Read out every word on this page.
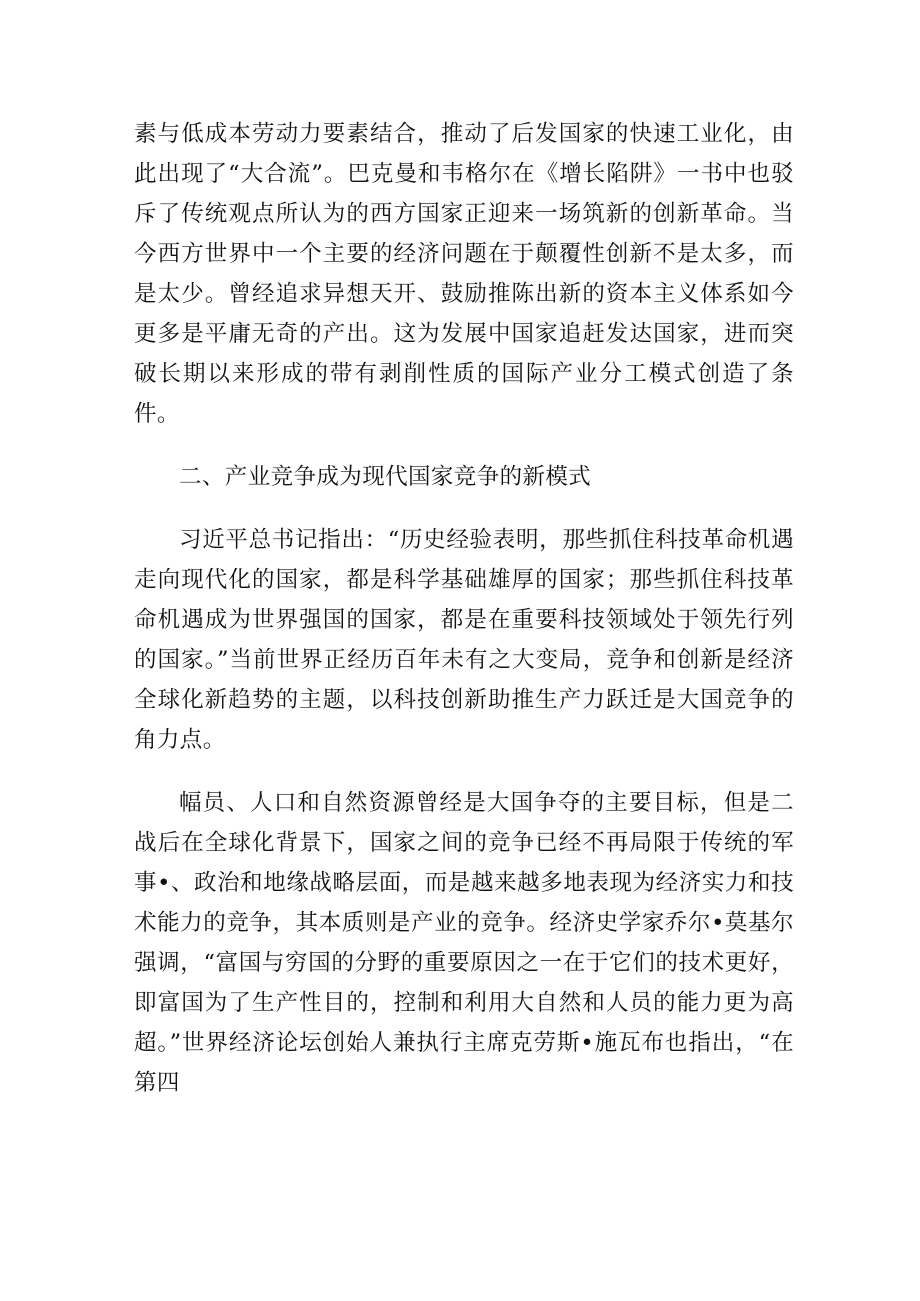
素与低成本劳动力要素结合，推动了后发国家的快速工业化，由此出现了“大合流”。巴克曼和韦格尔在《增长陷阱》一书中也驳斥了传统观点所认为的西方国家正迎来一场筑新的创新革命。当今西方世界中一个主要的经济问题在于颠覆性创新不是太多，而是太少。曾经追求异想天开、鼓励推陈出新的资本主义体系如今更多是平庸无奇的产出。这为发展中国家追赶发达国家，进而突破长期以来形成的带有剥削性质的国际产业分工模式创造了条件。

二、产业竞争成为现代国家竞争的新模式

习近平总书记指出：“历史经验表明，那些抓住科技革命机遇走向现代化的国家，都是科学基础雄厚的国家；那些抓住科技革命机遇成为世界强国的国家，都是在重要科技领域处于领先行列的国家。”当前世界正经历百年未有之大变局，竞争和创新是经济全球化新趋势的主题，以科技创新助推生产力跃迁是大国竞争的角力点。

幅员、人口和自然资源曾经是大国争夺的主要目标，但是二战后在全球化背景下，国家之间的竞争已经不再局限于传统的军事•、政治和地缘战略层面，而是越来越多地表现为经济实力和技术能力的竞争，其本质则是产业的竞争。经济史学家乔尔•莫基尔强调，“富国与穷国的分野的重要原因之一在于它们的技术更好，即富国为了生产性目的，控制和利用大自然和人员的能力更为高超。”世界经济论坛创始人兼执行主席克劳斯•施瓦布也指出，“在第四
